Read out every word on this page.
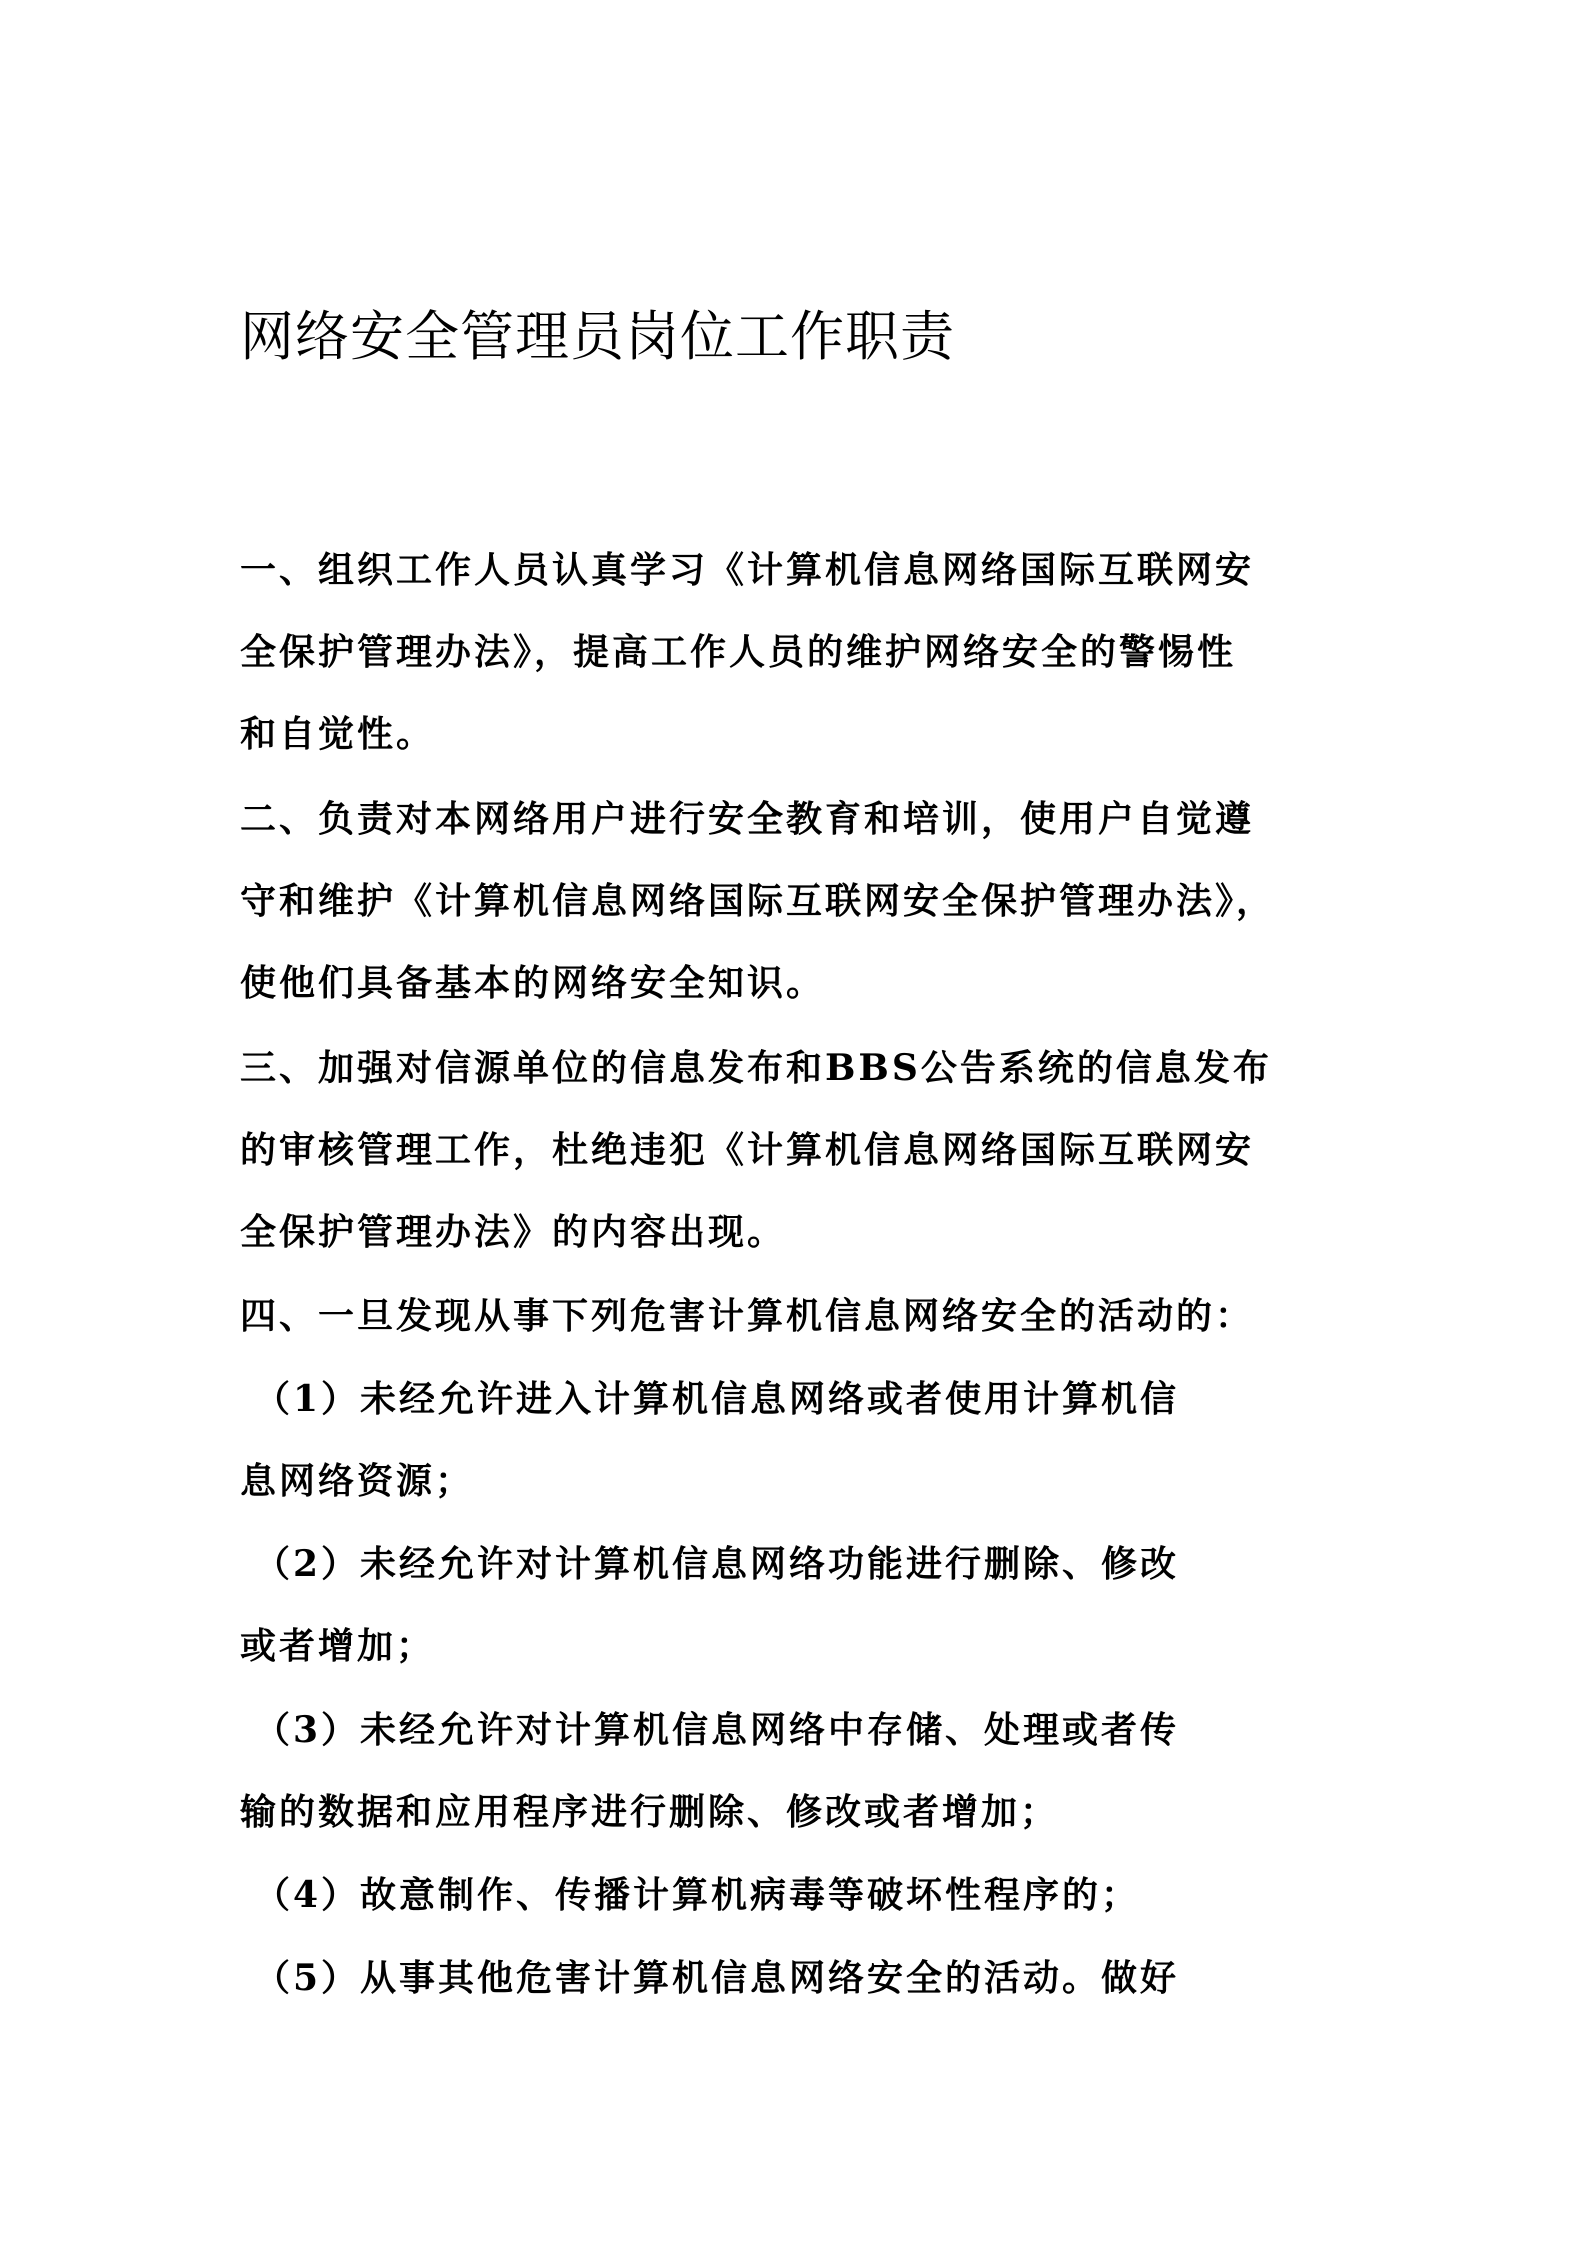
网络安全管理员岗位工作职责

一、组织工作人员认真学习《计算机信息网络国际互联网安

全保护管理办法》，提高工作人员的维护网络安全的警惕性

和自觉性。

二、负责对本网络用户进行安全教育和培训，使用户自觉遵

守和维护《计算机信息网络国际互联网安全保护管理办法》，

使他们具备基本的网络安全知识。

三、加强对信源单位的信息发布和BBS公告系统的信息发布

的审核管理工作，杜绝违犯《计算机信息网络国际互联网安

全保护管理办法》的内容出现。

四、一旦发现从事下列危害计算机信息网络安全的活动的：

（1）未经允许进入计算机信息网络或者使用计算机信

息网络资源；

（2）未经允许对计算机信息网络功能进行删除、修改

或者增加；

（3）未经允许对计算机信息网络中存储、处理或者传

输的数据和应用程序进行删除、修改或者增加；

（4）故意制作、传播计算机病毒等破坏性程序的；

（5）从事其他危害计算机信息网络安全的活动。做好
